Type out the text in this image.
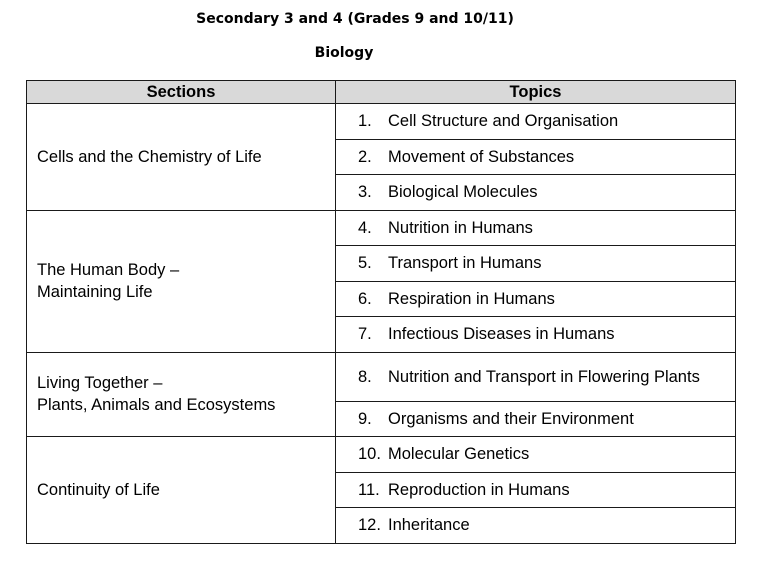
Secondary 3 and 4 (Grades 9 and 10/11)
Biology
Sections	Topics
Cells and the Chemistry of Life	1. Cell Structure and Organisation
	2. Movement of Substances
	3. Biological Molecules

The Human Body –
Maintaining Life	4. Nutrition in Humans
	5. Transport in Humans
	6. Respiration in Humans
	7. Infectious Diseases in Humans

Living Together –
Plants, Animals and Ecosystems	8. Nutrition and Transport in Flowering Plants
	9. Organisms and their Environment
Continuity of Life	10. Molecular Genetics
	11. Reproduction in Humans
	12. Inheritance
